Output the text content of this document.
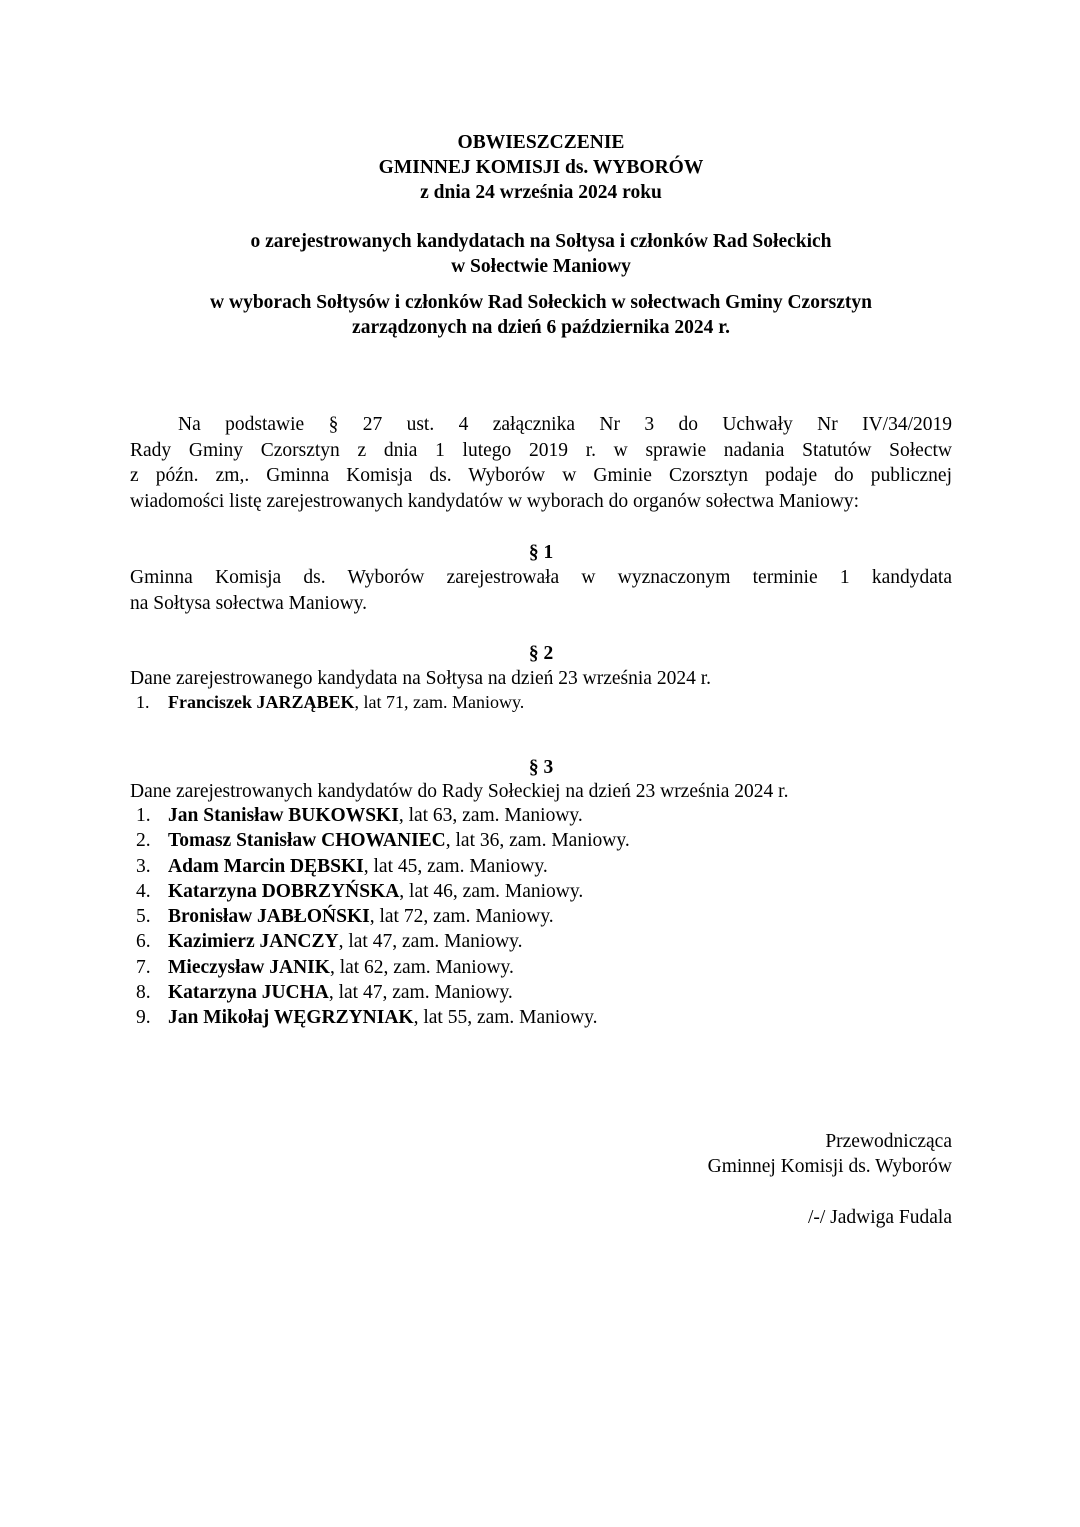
OBWIESZCZENIE
GMINNEJ KOMISJI ds. WYBORÓW
z dnia 24 września 2024 roku
o zarejestrowanych kandydatach na Sołtysa i członków Rad Sołeckich
w Sołectwie Maniowy
w wyborach Sołtysów i członków Rad Sołeckich w sołectwach Gminy Czorsztyn
zarządzonych na dzień 6 października 2024 r.
Na podstawie § 27 ust. 4 załącznika Nr 3 do Uchwały Nr IV/34/2019
Rady Gminy Czorsztyn z dnia 1 lutego 2019 r. w sprawie nadania Statutów Sołectw
z późn. zm,. Gminna Komisja ds. Wyborów w Gminie Czorsztyn podaje do publicznej
wiadomości listę zarejestrowanych kandydatów w wyborach do organów sołectwa Maniowy:
§ 1
Gminna Komisja ds. Wyborów zarejestrowała w wyznaczonym terminie 1 kandydata
na Sołtysa sołectwa Maniowy.
§ 2
Dane zarejestrowanego kandydata na Sołtysa na dzień 23 września 2024 r.
1.	Franciszek JARZĄBEK, lat 71, zam. Maniowy.
§ 3
Dane zarejestrowanych kandydatów do Rady Sołeckiej na dzień 23 września 2024 r.
1. Jan Stanisław BUKOWSKI, lat 63, zam. Maniowy.
2. Tomasz Stanisław CHOWANIEC, lat 36, zam. Maniowy.
3. Adam Marcin DĘBSKI, lat 45, zam. Maniowy.
4. Katarzyna DOBRZYŃSKA, lat 46, zam. Maniowy.
5. Bronisław JABŁOŃSKI, lat 72, zam. Maniowy.
6. Kazimierz JANCZY, lat 47, zam. Maniowy.
7. Mieczysław JANIK, lat 62, zam. Maniowy.
8. Katarzyna JUCHA, lat 47, zam. Maniowy.
9. Jan Mikołaj WĘGRZYNIAK, lat 55, zam. Maniowy.
Przewodnicząca
Gminnej Komisji ds. Wyborów
/-/ Jadwiga Fudala
